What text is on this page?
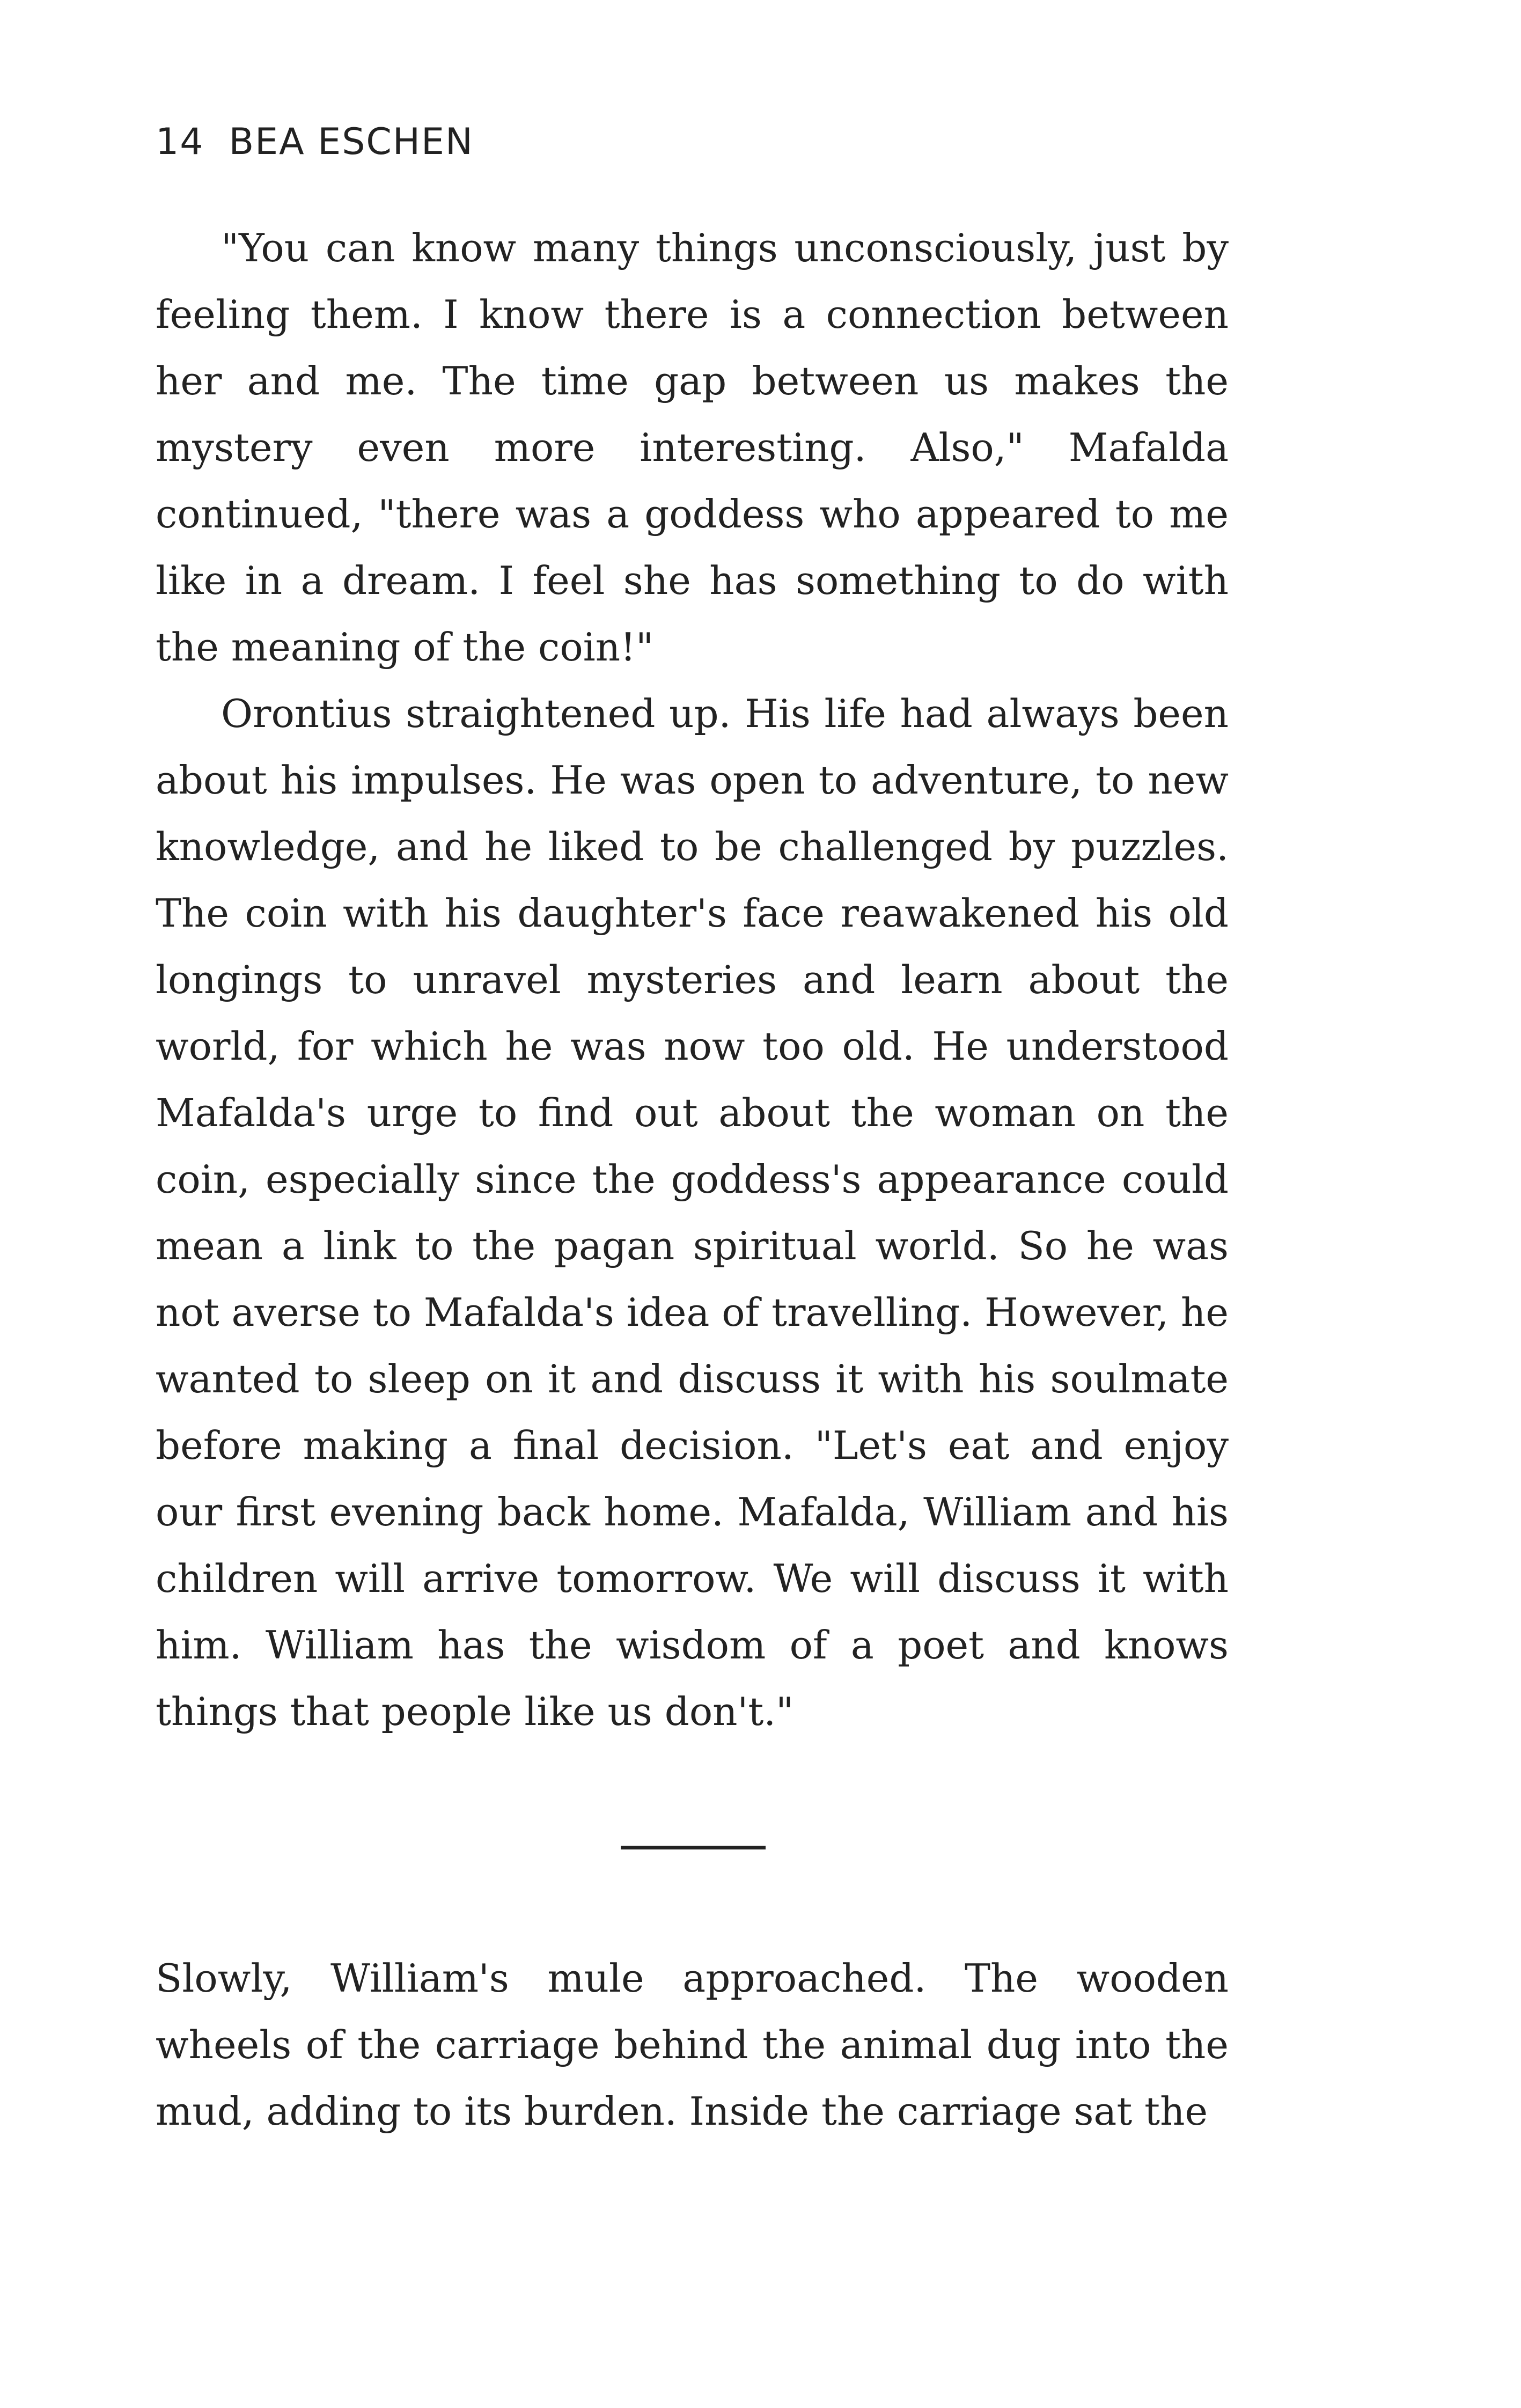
14 BEA ESCHEN

"You can know many things unconsciously, just by feeling them. I know there is a connection between her and me. The time gap between us makes the mystery even more interesting. Also," Mafalda continued, "there was a goddess who appeared to me like in a dream. I feel she has something to do with the meaning of the coin!"

Orontius straightened up. His life had always been about his impulses. He was open to adventure, to new knowledge, and he liked to be challenged by puzzles. The coin with his daughter's face reawakened his old longings to unravel mysteries and learn about the world, for which he was now too old. He understood Mafalda's urge to find out about the woman on the coin, especially since the goddess's appearance could mean a link to the pagan spiritual world. So he was not averse to Mafalda's idea of travelling. However, he wanted to sleep on it and discuss it with his soulmate before making a final decision. "Let's eat and enjoy our first evening back home. Mafalda, William and his children will arrive tomorrow. We will discuss it with him. William has the wisdom of a poet and knows things that people like us don't."

Slowly, William's mule approached. The wooden wheels of the carriage behind the animal dug into the mud, adding to its burden. Inside the carriage sat the
